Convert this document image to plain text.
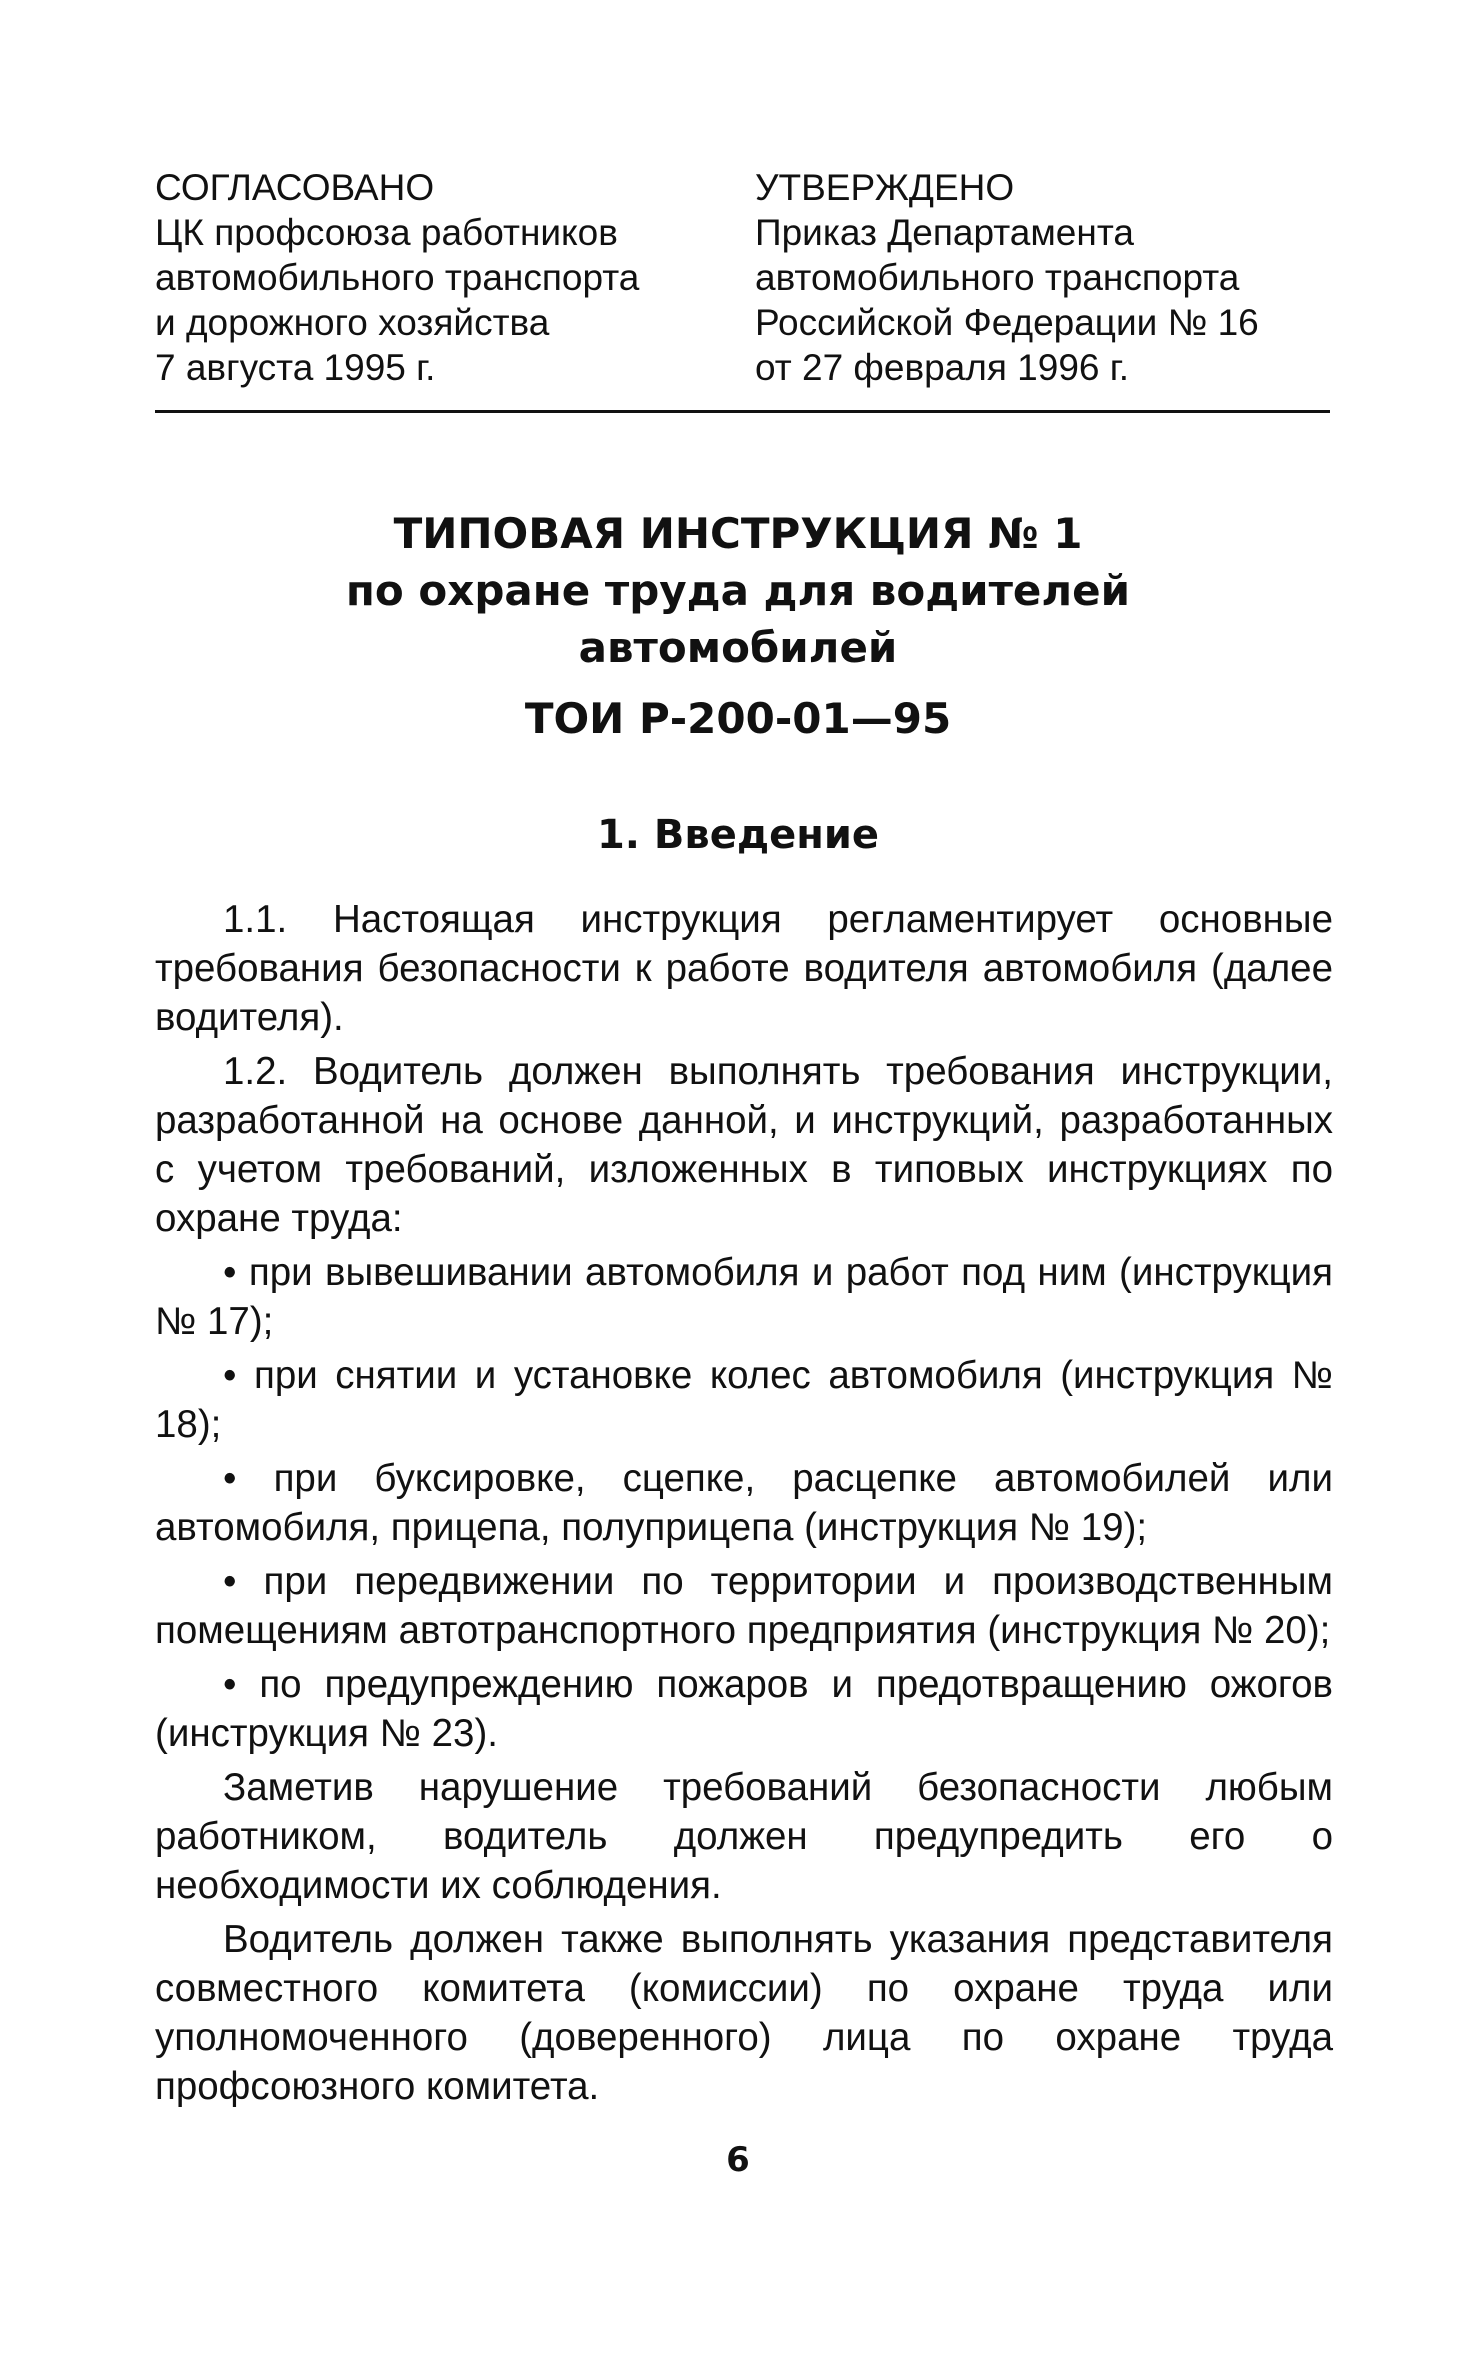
СОГЛАСОВАНО
ЦК профсоюза работников
автомобильного транспорта
и дорожного хозяйства
7 августа 1995 г.
УТВЕРЖДЕНО
Приказ Департамента
автомобильного транспорта
Российской Федерации № 16
от 27 февраля 1996 г.
ТИПОВАЯ ИНСТРУКЦИЯ № 1
по охране труда для водителей
автомобилей
ТОИ Р-200-01—95
1. Введение

1.1. Настоящая инструкция регламентирует основные требования безопасности к работе водителя автомобиля (далее водителя).

1.2. Водитель должен выполнять требования инструкции, разработанной на основе данной, и инструкций, разработанных с учетом требований, изложенных в типовых инструкциях по охране труда:

• при вывешивании автомобиля и работ под ним (инструкция № 17);

• при снятии и установке колес автомобиля (инструкция № 18);

• при буксировке, сцепке, расцепке автомобилей или автомобиля, прицепа, полуприцепа (инструкция № 19);

• при передвижении по территории и производственным помещениям автотранспортного предприятия (инструкция № 20);

• по предупреждению пожаров и предотвращению ожогов (инструкция № 23).

Заметив нарушение требований безопасности любым работником, водитель должен предупредить его о необходимости их соблюдения.

Водитель должен также выполнять указания представителя совместного комитета (комиссии) по охране труда или уполномоченного (доверенного) лица по охране труда профсоюзного комитета.

6
